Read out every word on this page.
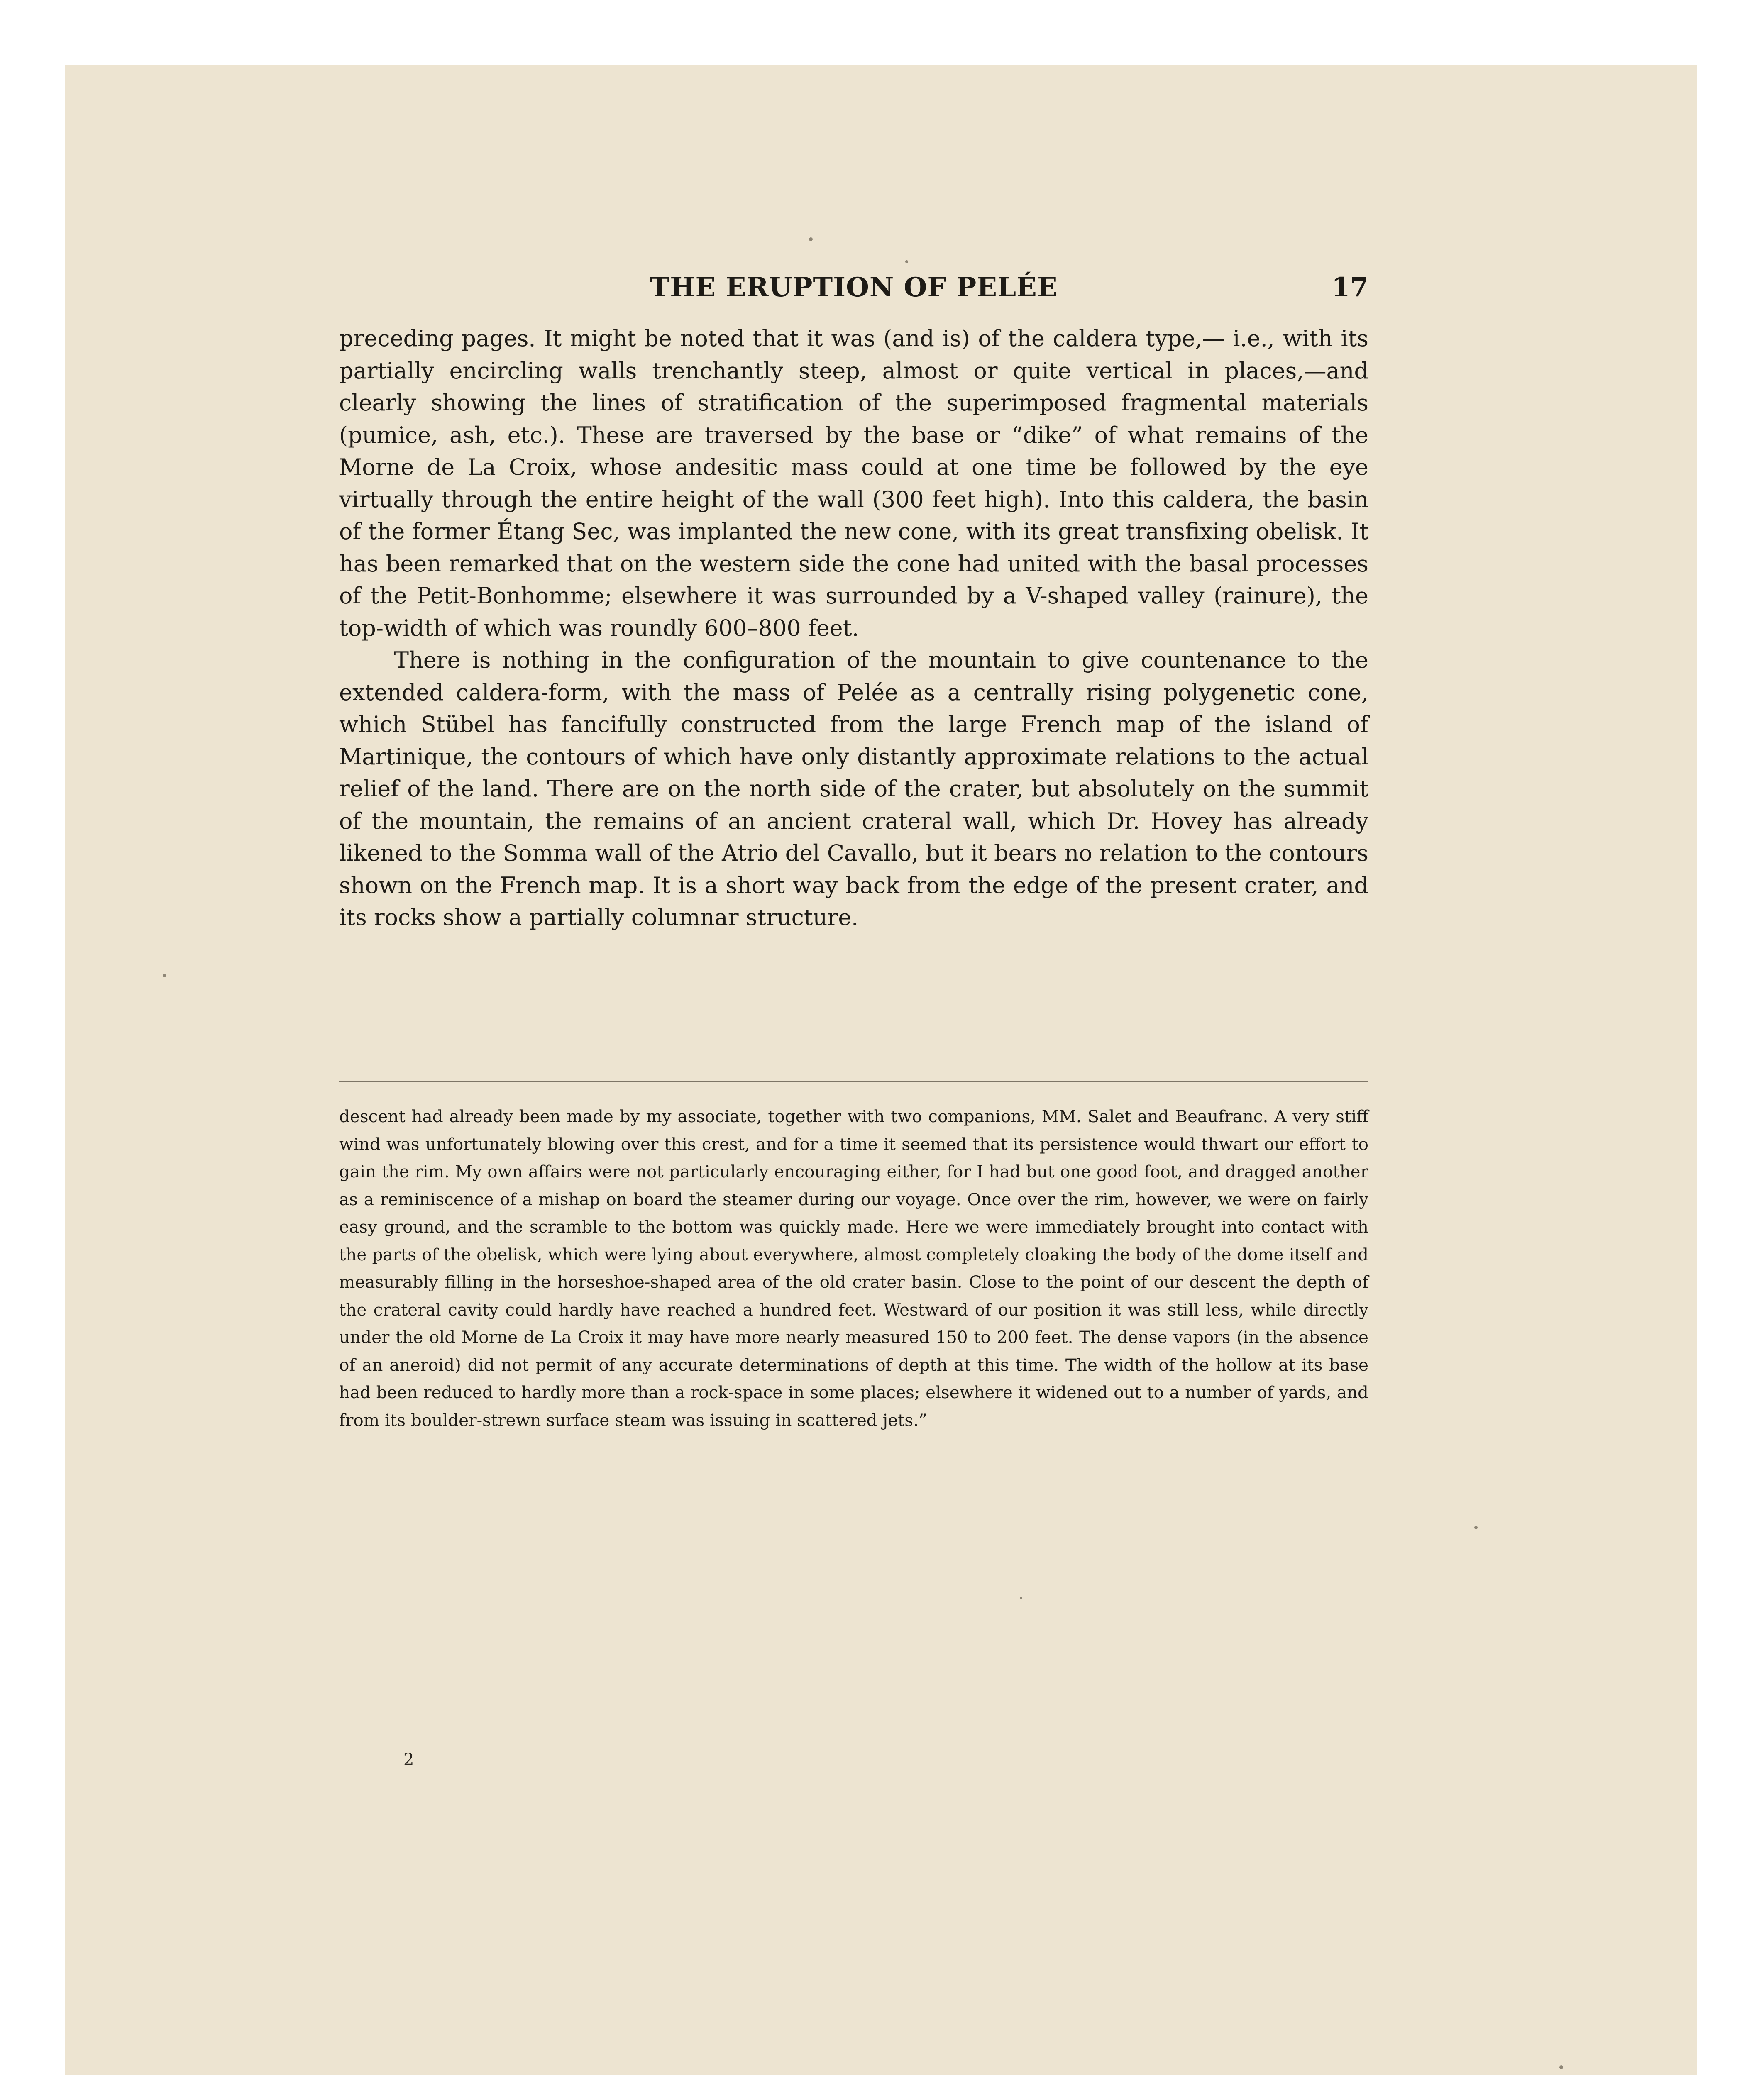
THE ERUPTION OF PELÉE	17

preceding pages. It might be noted that it was (and is) of the caldera type,— i.e., with its partially encircling walls trenchantly steep, almost or quite vertical in places,—and clearly showing the lines of stratification of the superimposed fragmental materials (pumice, ash, etc.). These are traversed by the base or “dike” of what remains of the Morne de La Croix, whose andesitic mass could at one time be followed by the eye virtually through the entire height of the wall (300 feet high). Into this caldera, the basin of the former Étang Sec, was implanted the new cone, with its great transfixing obelisk. It has been remarked that on the western side the cone had united with the basal processes of the Petit-Bonhomme; elsewhere it was surrounded by a V-shaped valley (rainure), the top-width of which was roundly 600–800 feet.

There is nothing in the configuration of the mountain to give countenance to the extended caldera-form, with the mass of Pelée as a centrally rising polygenetic cone, which Stübel has fancifully constructed from the large French map of the island of Martinique, the contours of which have only distantly approximate relations to the actual relief of the land. There are on the north side of the crater, but absolutely on the summit of the mountain, the remains of an ancient crateral wall, which Dr. Hovey has already likened to the Somma wall of the Atrio del Cavallo, but it bears no relation to the contours shown on the French map. It is a short way back from the edge of the present crater, and its rocks show a partially columnar structure.

descent had already been made by my associate, together with two companions, MM. Salet and Beaufranc. A very stiff wind was unfortunately blowing over this crest, and for a time it seemed that its persistence would thwart our effort to gain the rim. My own affairs were not particularly encouraging either, for I had but one good foot, and dragged another as a reminiscence of a mishap on board the steamer during our voyage. Once over the rim, however, we were on fairly easy ground, and the scramble to the bottom was quickly made. Here we were immediately brought into contact with the parts of the obelisk, which were lying about everywhere, almost completely cloaking the body of the dome itself and measurably filling in the horseshoe-shaped area of the old crater basin. Close to the point of our descent the depth of the crateral cavity could hardly have reached a hundred feet. Westward of our position it was still less, while directly under the old Morne de La Croix it may have more nearly measured 150 to 200 feet. The dense vapors (in the absence of an aneroid) did not permit of any accurate determinations of depth at this time. The width of the hollow at its base had been reduced to hardly more than a rock-space in some places; elsewhere it widened out to a number of yards, and from its boulder-strewn surface steam was issuing in scattered jets.”

2
